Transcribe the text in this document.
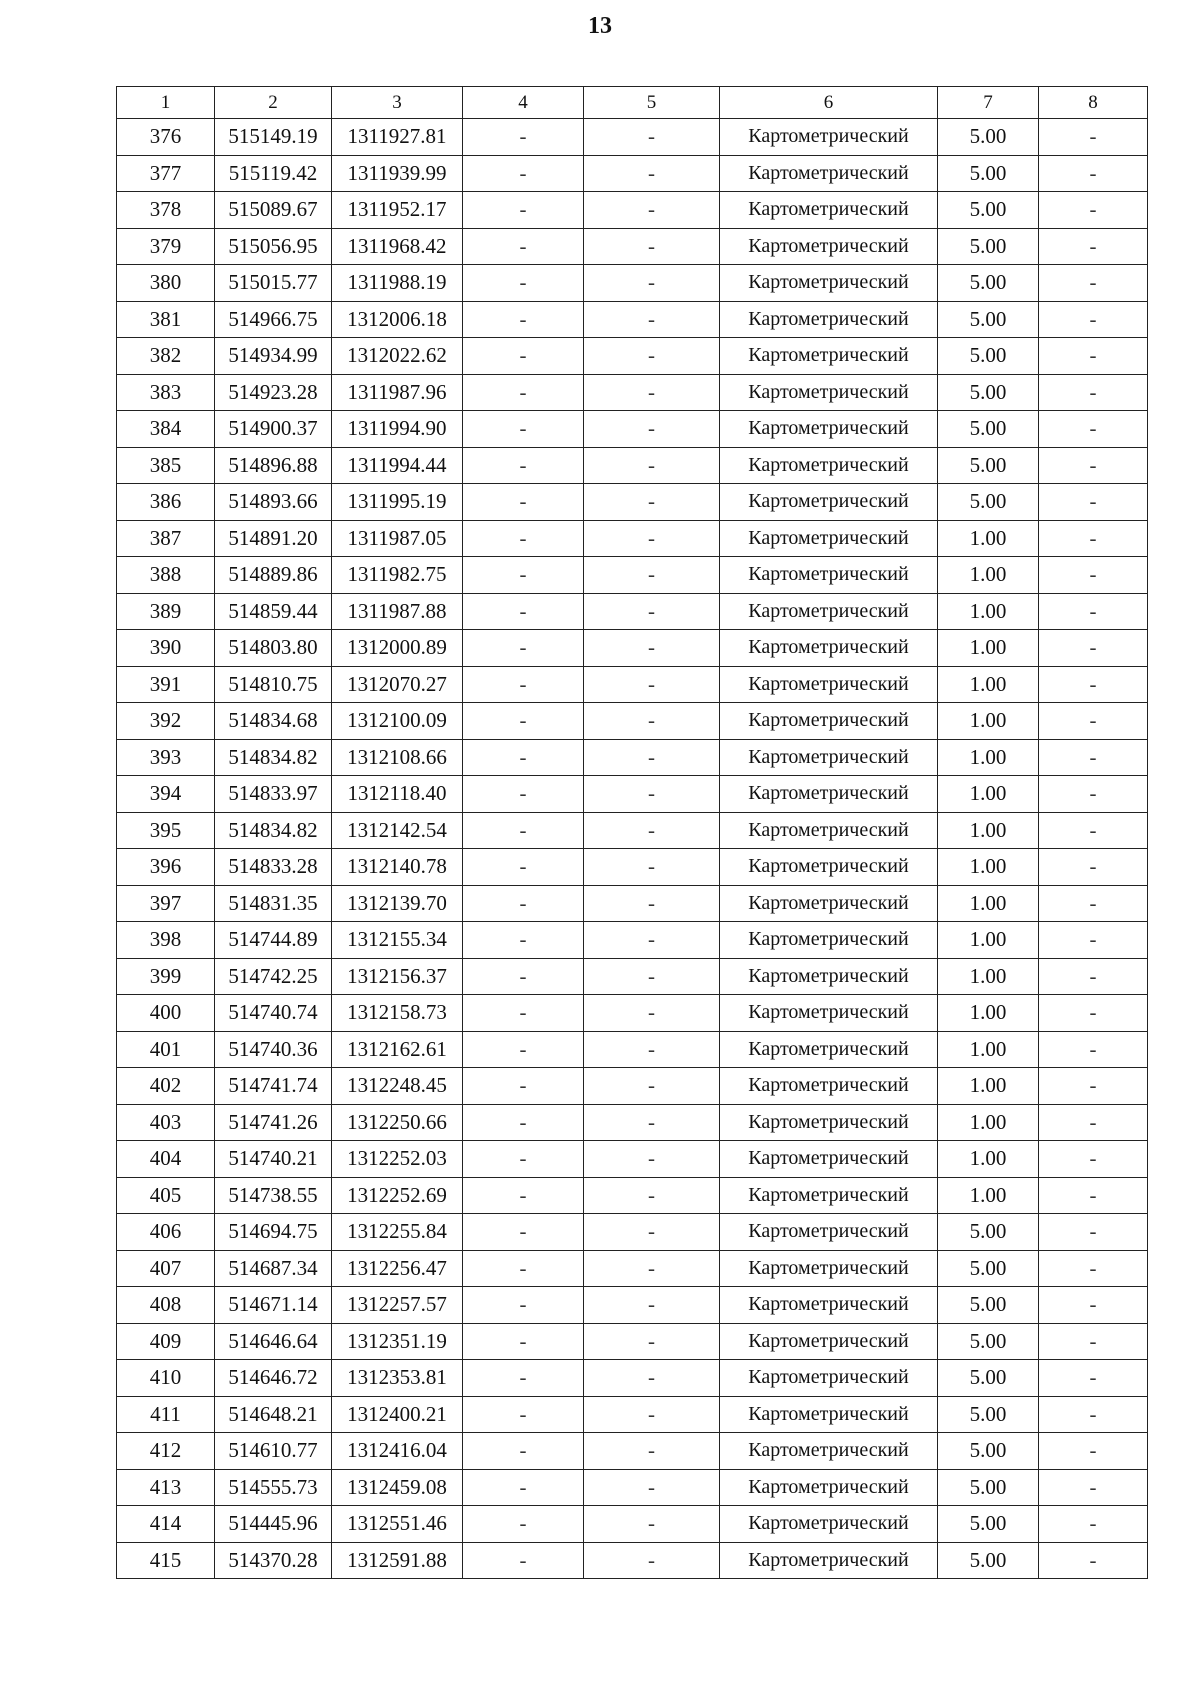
13
1	2	3	4	5	6	7	8
376	515149.19	1311927.81	-	-	Картометрический	5.00	-
377	515119.42	1311939.99	-	-	Картометрический	5.00	-
378	515089.67	1311952.17	-	-	Картометрический	5.00	-
379	515056.95	1311968.42	-	-	Картометрический	5.00	-
380	515015.77	1311988.19	-	-	Картометрический	5.00	-
381	514966.75	1312006.18	-	-	Картометрический	5.00	-
382	514934.99	1312022.62	-	-	Картометрический	5.00	-
383	514923.28	1311987.96	-	-	Картометрический	5.00	-
384	514900.37	1311994.90	-	-	Картометрический	5.00	-
385	514896.88	1311994.44	-	-	Картометрический	5.00	-
386	514893.66	1311995.19	-	-	Картометрический	5.00	-
387	514891.20	1311987.05	-	-	Картометрический	1.00	-
388	514889.86	1311982.75	-	-	Картометрический	1.00	-
389	514859.44	1311987.88	-	-	Картометрический	1.00	-
390	514803.80	1312000.89	-	-	Картометрический	1.00	-
391	514810.75	1312070.27	-	-	Картометрический	1.00	-
392	514834.68	1312100.09	-	-	Картометрический	1.00	-
393	514834.82	1312108.66	-	-	Картометрический	1.00	-
394	514833.97	1312118.40	-	-	Картометрический	1.00	-
395	514834.82	1312142.54	-	-	Картометрический	1.00	-
396	514833.28	1312140.78	-	-	Картометрический	1.00	-
397	514831.35	1312139.70	-	-	Картометрический	1.00	-
398	514744.89	1312155.34	-	-	Картометрический	1.00	-
399	514742.25	1312156.37	-	-	Картометрический	1.00	-
400	514740.74	1312158.73	-	-	Картометрический	1.00	-
401	514740.36	1312162.61	-	-	Картометрический	1.00	-
402	514741.74	1312248.45	-	-	Картометрический	1.00	-
403	514741.26	1312250.66	-	-	Картометрический	1.00	-
404	514740.21	1312252.03	-	-	Картометрический	1.00	-
405	514738.55	1312252.69	-	-	Картометрический	1.00	-
406	514694.75	1312255.84	-	-	Картометрический	5.00	-
407	514687.34	1312256.47	-	-	Картометрический	5.00	-
408	514671.14	1312257.57	-	-	Картометрический	5.00	-
409	514646.64	1312351.19	-	-	Картометрический	5.00	-
410	514646.72	1312353.81	-	-	Картометрический	5.00	-
411	514648.21	1312400.21	-	-	Картометрический	5.00	-
412	514610.77	1312416.04	-	-	Картометрический	5.00	-
413	514555.73	1312459.08	-	-	Картометрический	5.00	-
414	514445.96	1312551.46	-	-	Картометрический	5.00	-
415	514370.28	1312591.88	-	-	Картометрический	5.00	-
